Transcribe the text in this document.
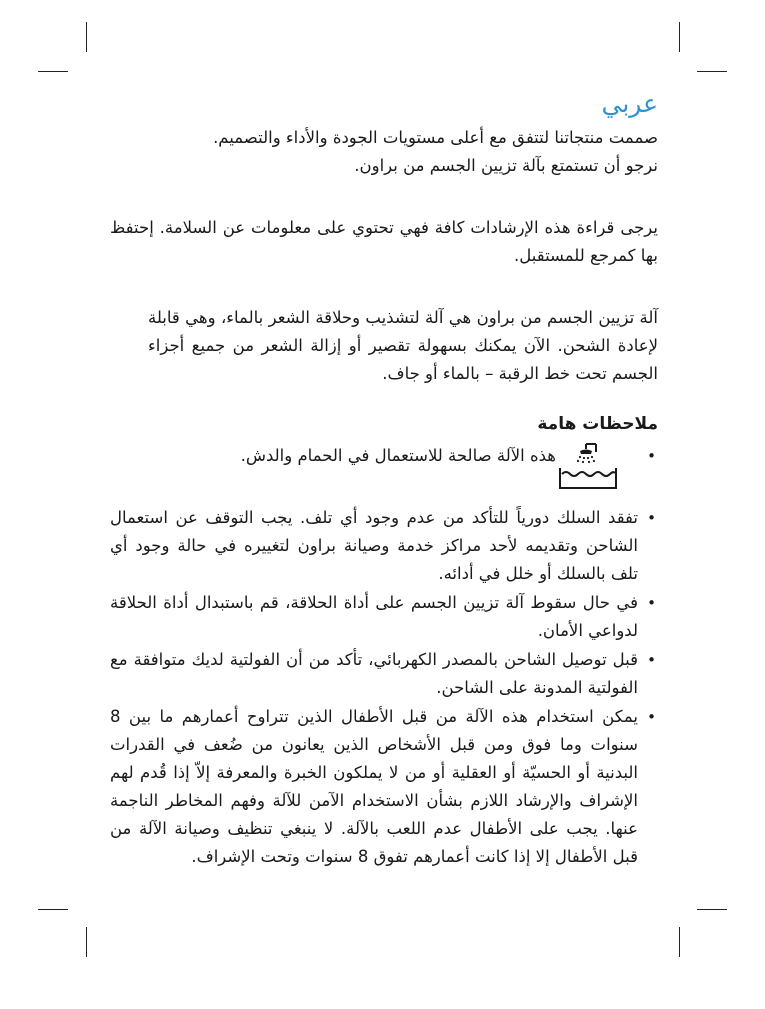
عربي

صممت منتجاتنا لتتفق مع أعلى مستويات الجودة والأداء والتصميم.

نرجو أن تستمتع بآلة تزيين الجسم من براون.

يرجى قراءة هذه الإرشادات كافة فهي تحتوي على معلومات عن السلامة. إحتفظ بها كمرجع للمستقبل.

آلة تزيين الجسم من براون هي آلة لتشذيب وحلاقة الشعر بالماء، وهي قابلة لإعادة الشحن. الآن يمكنك بسهولة تقصير أو إزالة الشعر من جميع أجزاء الجسم تحت خط الرقبة – بالماء أو جاف.

ملاحظات هامة
• هذه الآلة صالحة للاستعمال في الحمام والدش.
• تفقد السلك دورياً للتأكد من عدم وجود أي تلف. يجب التوقف عن استعمال الشاحن وتقديمه لأحد مراكز خدمة وصيانة براون لتغييره في حالة وجود أي تلف بالسلك أو خلل في أدائه.
• في حال سقوط آلة تزيين الجسم على أداة الحلاقة، قم باستبدال أداة الحلاقة لدواعي الأمان.
• قبل توصيل الشاحن بالمصدر الكهربائي، تأكد من أن الفولتية لديك متوافقة مع الفولتية المدونة على الشاحن.
• يمكن استخدام هذه الآلة من قبل الأطفال الذين تتراوح أعمارهم ما بين 8 سنوات وما فوق ومن قبل الأشخاص الذين يعانون من ضُعف في القدرات البدنية أو الحسيّة أو العقلية أو من لا يملكون الخبرة والمعرفة إلاّ إذا قُدم لهم الإشراف والإرشاد اللازم بشأن الاستخدام الآمن للآلة وفهم المخاطر الناجمة عنها. يجب على الأطفال عدم اللعب بالآلة. لا ينبغي تنظيف وصيانة الآلة من قبل الأطفال إلا إذا كانت أعمارهم تفوق 8 سنوات وتحت الإشراف.
